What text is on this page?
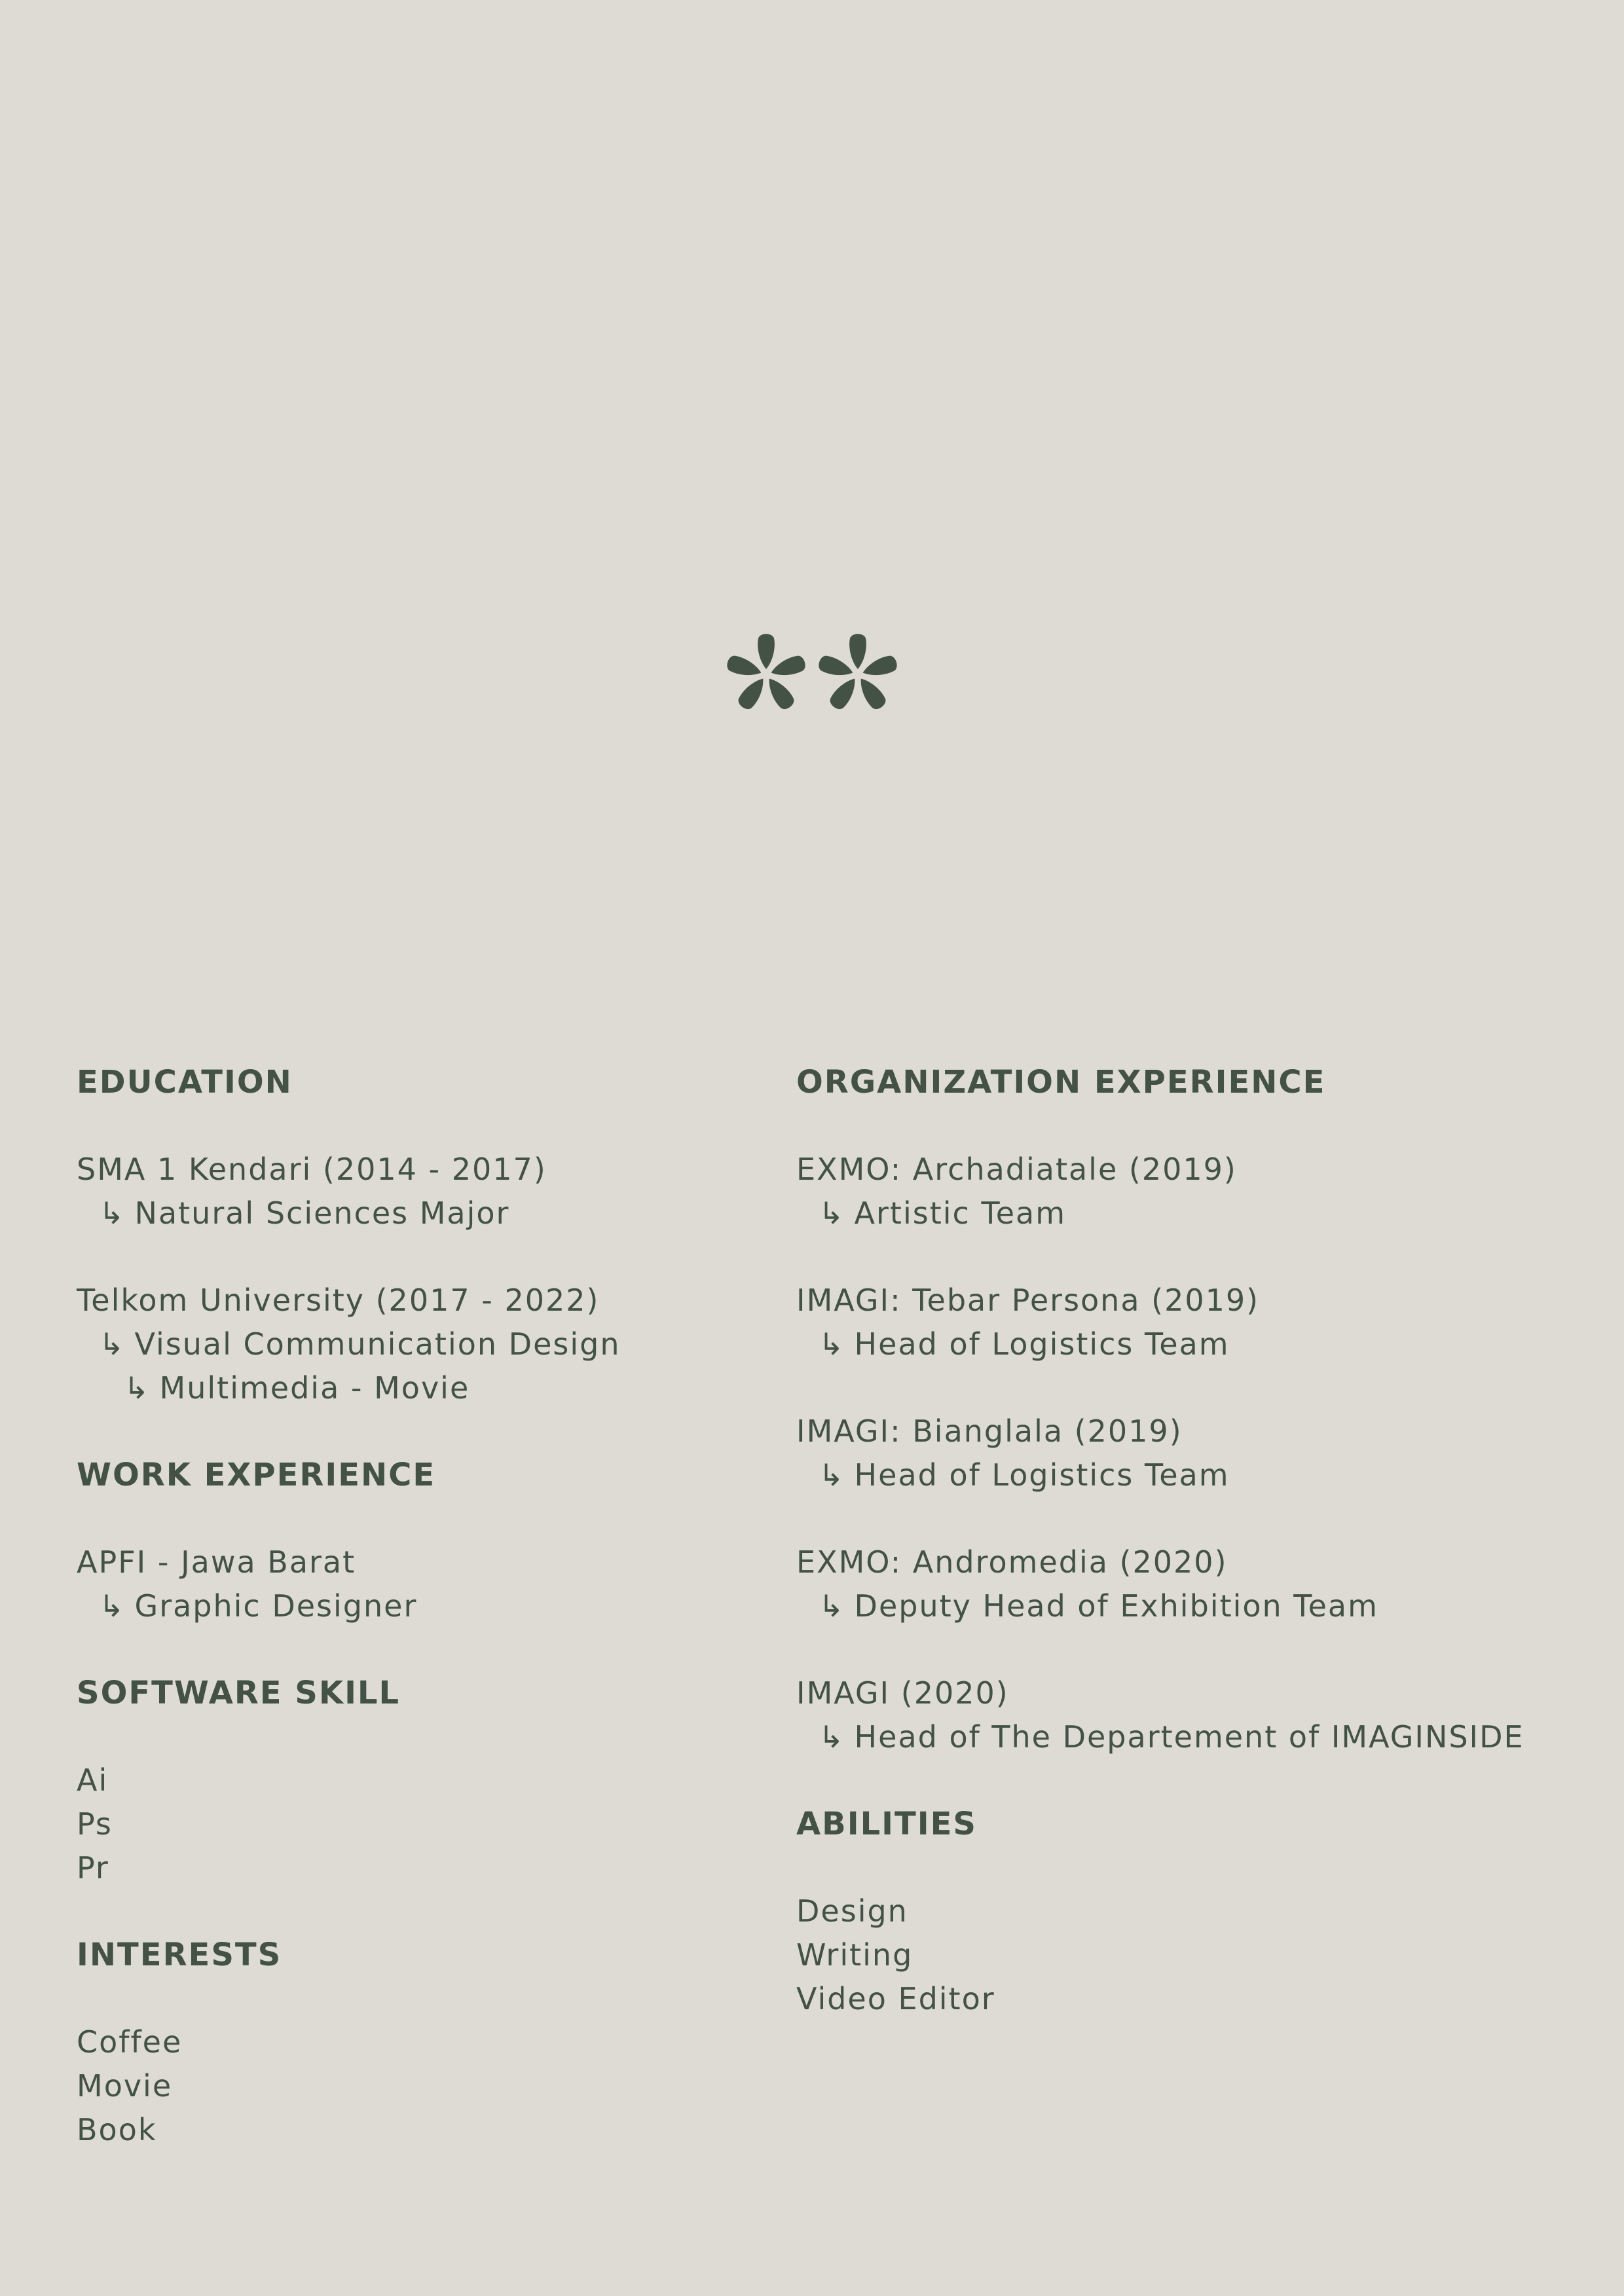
EDUCATION
SMA 1 Kendari (2014 - 2017)
↳ Natural Sciences Major
Telkom University (2017 - 2022)
↳ Visual Communication Design
↳ Multimedia - Movie
WORK EXPERIENCE
APFI - Jawa Barat
↳ Graphic Designer
SOFTWARE SKILL
Ai
Ps
Pr
INTERESTS
Coffee
Movie
Book
ORGANIZATION EXPERIENCE
EXMO: Archadiatale (2019)
↳ Artistic Team
IMAGI: Tebar Persona (2019)
↳ Head of Logistics Team
IMAGI: Bianglala (2019)
↳ Head of Logistics Team
EXMO: Andromedia (2020)
↳ Deputy Head of Exhibition Team
IMAGI (2020)
↳ Head of The Departement of IMAGINSIDE
ABILITIES
Design
Writing
Video Editor
